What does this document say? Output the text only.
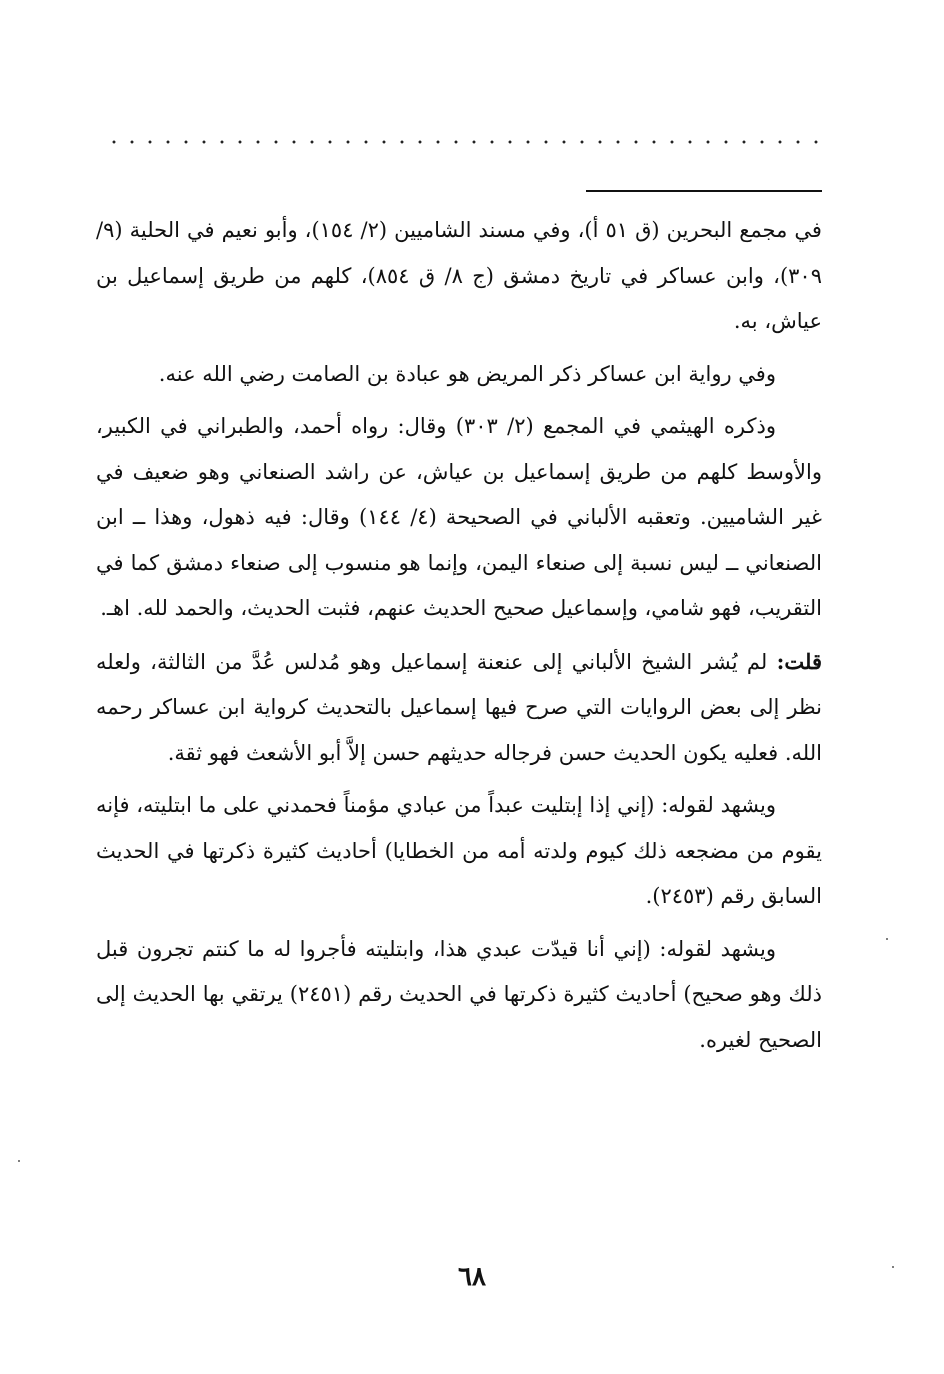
في مجمع البحرين (ق ٥١ أ)، وفي مسند الشاميين (٢/ ١٥٤)، وأبو نعيم في الحلية (٩/ ٣٠٩)، وابن عساكر في تاريخ دمشق (ج ٨/ ق ٨٥٤)، كلهم من طريق إسماعيل بن عياش، به.

وفي رواية ابن عساكر ذكر المريض هو عبادة بن الصامت رضي الله عنه.

وذكره الهيثمي في المجمع (٢/ ٣٠٣) وقال: رواه أحمد، والطبراني في الكبير، والأوسط كلهم من طريق إسماعيل بن عياش، عن راشد الصنعاني وهو ضعيف في غير الشاميين. وتعقبه الألباني في الصحيحة (٤/ ١٤٤) وقال: فيه ذهول، وهذا ــ ابن الصنعاني ــ ليس نسبة إلى صنعاء اليمن، وإنما هو منسوب إلى صنعاء دمشق كما في التقريب، فهو شامي، وإسماعيل صحيح الحديث عنهم، فثبت الحديث، والحمد لله. اهـ.

قلت: لم يُشر الشيخ الألباني إلى عنعنة إسماعيل وهو مُدلس عُدَّ من الثالثة، ولعله نظر إلى بعض الروايات التي صرح فيها إسماعيل بالتحديث كرواية ابن عساكر رحمه الله. فعليه يكون الحديث حسن فرجاله حديثهم حسن إلاَّ أبو الأشعث فهو ثقة.

ويشهد لقوله: (إني إذا إبتليت عبداً من عبادي مؤمناً فحمدني على ما ابتليته، فإنه يقوم من مضجعه ذلك كيوم ولدته أمه من الخطايا) أحاديث كثيرة ذكرتها في الحديث السابق رقم (٢٤٥٣).

ويشهد لقوله: (إني أنا قيدّت عبدي هذا، وابتليته فأجروا له ما كنتم تجرون قبل ذلك وهو صحيح) أحاديث كثيرة ذكرتها في الحديث رقم (٢٤٥١) يرتقي بها الحديث إلى الصحيح لغيره.

٦٨
